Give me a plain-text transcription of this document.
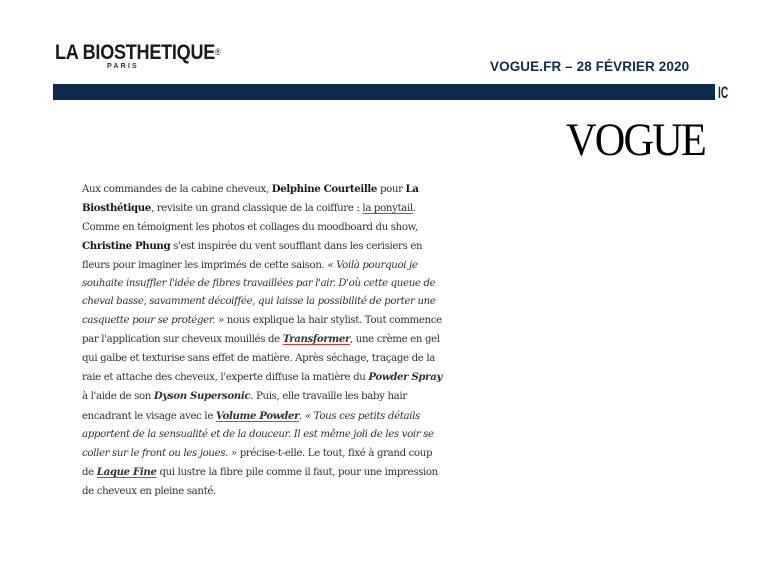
LA BIOSTHETIQUE®
PARIS	VOGUE.FR – 28 FÉVRIER 2020
IC
VOGUE
Aux commandes de la cabine cheveux, Delphine Courteille pour La Biosthétique, revisite un grand classique de la coiffure : la ponytail. Comme en témoignent les photos et collages du moodboard du show, Christine Phung s'est inspirée du vent soufflant dans les cerisiers en fleurs pour imaginer les imprimés de cette saison. « Voilà pourquoi je souhaite insuffler l'idée de fibres travaillées par l'air. D'où cette queue de cheval basse, savamment décoiffée, qui laisse la possibilité de porter une casquette pour se protéger. » nous explique la hair stylist. Tout commence par l'application sur cheveux mouillés de Transformer, une crème en gel qui galbe et texturise sans effet de matière. Après séchage, traçage de la raie et attache des cheveux, l'experte diffuse la matière du Powder Spray à l'aide de son Dyson Supersonic. Puis, elle travaille les baby hair encadrant le visage avec le Volume Powder. « Tous ces petits détails apportent de la sensualité et de la douceur. Il est même joli de les voir se coller sur le front ou les joues. » précise-t-elle. Le tout, fixé à grand coup de Laque Fine qui lustre la fibre pile comme il faut, pour une impression de cheveux en pleine santé.
